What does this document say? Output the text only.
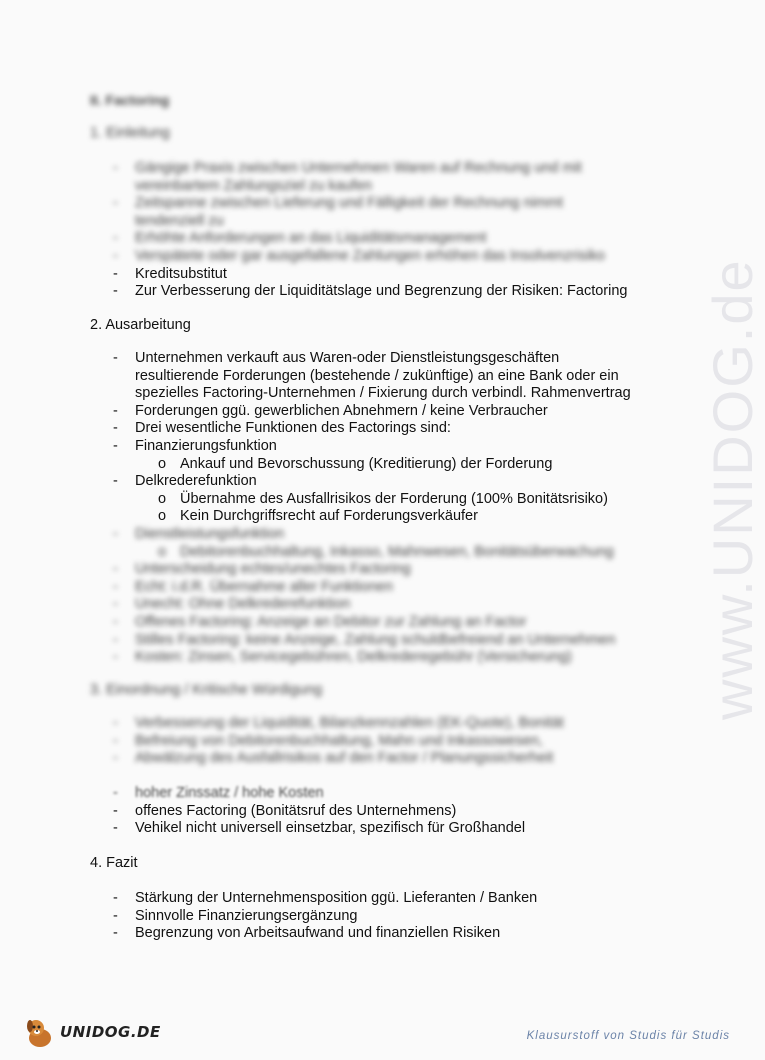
www.UNIDOG.de
II. Factoring
1. Einleitung
- Gängige Praxis zwischen Unternehmen Waren auf Rechnung und mit
vereinbartem Zahlungsziel zu kaufen
- Zeitspanne zwischen Lieferung und Fälligkeit der Rechnung nimmt
tendenziell zu
- Erhöhte Anforderungen an das Liquiditätsmanagement
- Verspätete oder gar ausgefallene Zahlungen erhöhen das Insolvenzrisiko
- Kreditsubstitut
- Zur Verbesserung der Liquiditätslage und Begrenzung der Risiken: Factoring
2. Ausarbeitung
- Unternehmen verkauft aus Waren-oder Dienstleistungsgeschäften
resultierende Forderungen (bestehende / zukünftige) an eine Bank oder ein
spezielles Factoring-Unternehmen / Fixierung durch verbindl. Rahmenvertrag
- Forderungen ggü. gewerblichen Abnehmern / keine Verbraucher
- Drei wesentliche Funktionen des Factorings sind:
- Finanzierungsfunktion
o Ankauf und Bevorschussung (Kreditierung) der Forderung
- Delkrederefunktion
o Übernahme des Ausfallrisikos der Forderung (100% Bonitätsrisiko)
o Kein Durchgriffsrecht auf Forderungsverkäufer
- Dienstleistungsfunktion
o Debitorenbuchhaltung, Inkasso, Mahnwesen, Bonitätsüberwachung
- Unterscheidung echtes/unechtes Factoring
- Echt: i.d.R. Übernahme aller Funktionen
- Unecht: Ohne Delkrederefunktion
- Offenes Factoring: Anzeige an Debitor zur Zahlung an Factor
- Stilles Factoring: keine Anzeige, Zahlung schuldbefreiend an Unternehmen
- Kosten: Zinsen, Servicegebühren, Delkrederegebühr (Versicherung)
3. Einordnung / Kritische Würdigung
- Verbesserung der Liquidität, Bilanzkennzahlen (EK-Quote), Bonität
- Befreiung von Debitorenbuchhaltung, Mahn und Inkassowesen,
- Abwälzung des Ausfallrisikos auf den Factor / Planungssicherheit
- hoher Zinssatz / hohe Kosten
- offenes Factoring (Bonitätsruf des Unternehmens)
- Vehikel nicht universell einsetzbar, spezifisch für Großhandel
4. Fazit
- Stärkung der Unternehmensposition ggü. Lieferanten / Banken
- Sinnvolle Finanzierungsergänzung
- Begrenzung von Arbeitsaufwand und finanziellen Risiken
UNIDOG.DE	Klausurstoff von Studis für Studis
